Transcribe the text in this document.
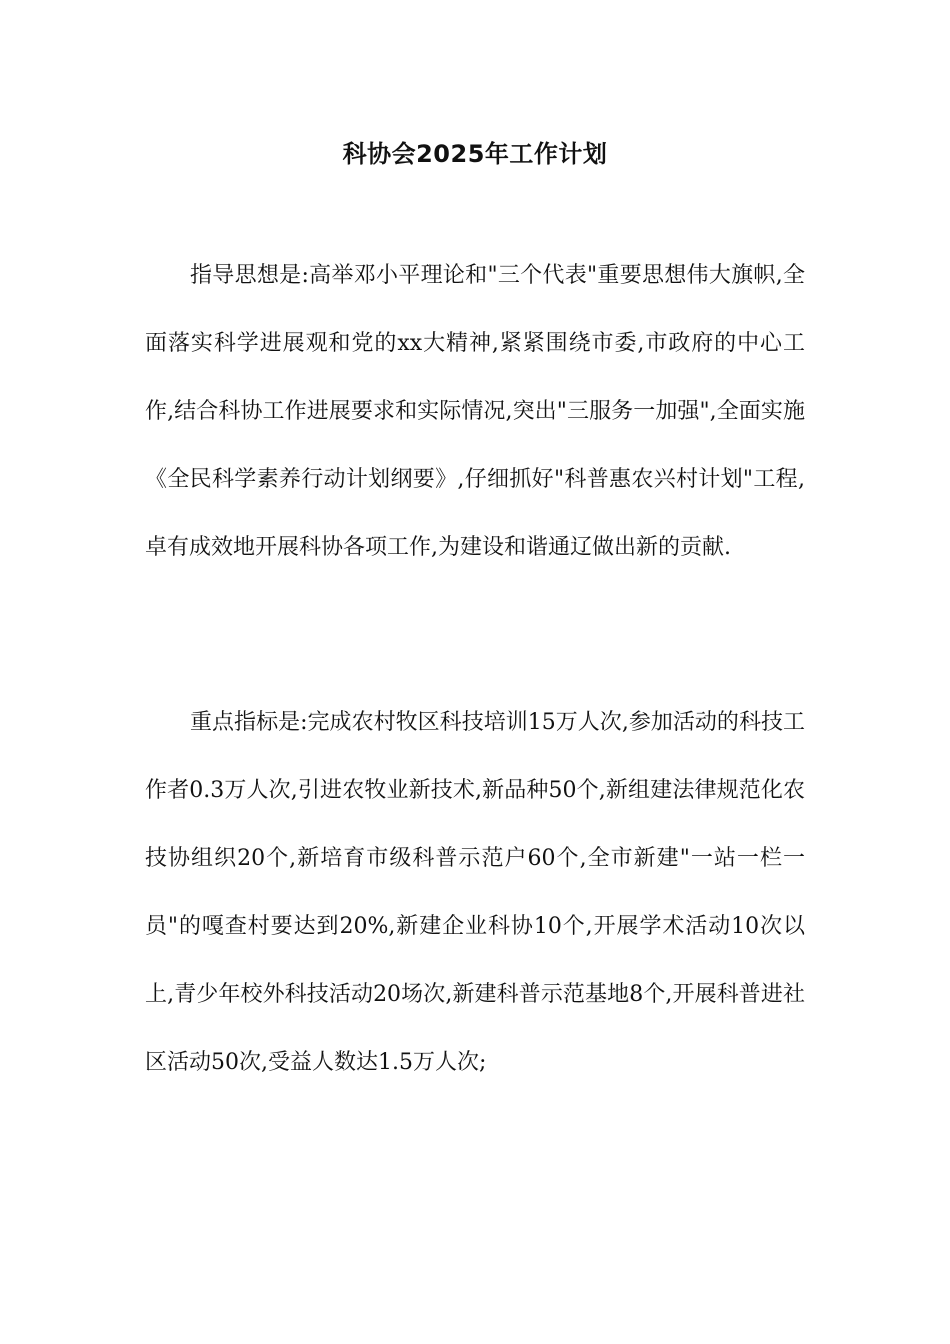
科协会2025年工作计划

指导思想是:高举邓小平理论和"三个代表"重要思想伟大旗帜,全面落实科学进展观和党的xx大精神,紧紧围绕市委,市政府的中心工作,结合科协工作进展要求和实际情况,突出"三服务一加强",全面实施《全民科学素养行动计划纲要》,仔细抓好"科普惠农兴村计划"工程,卓有成效地开展科协各项工作,为建设和谐通辽做出新的贡献.

重点指标是:完成农村牧区科技培训15万人次,参加活动的科技工作者0.3万人次,引进农牧业新技术,新品种50个,新组建法律规范化农技协组织20个,新培育市级科普示范户60个,全市新建"一站一栏一员"的嘎查村要达到20%,新建企业科协10个,开展学术活动10次以上,青少年校外科技活动20场次,新建科普示范基地8个,开展科普进社区活动50次,受益人数达1.5万人次;
